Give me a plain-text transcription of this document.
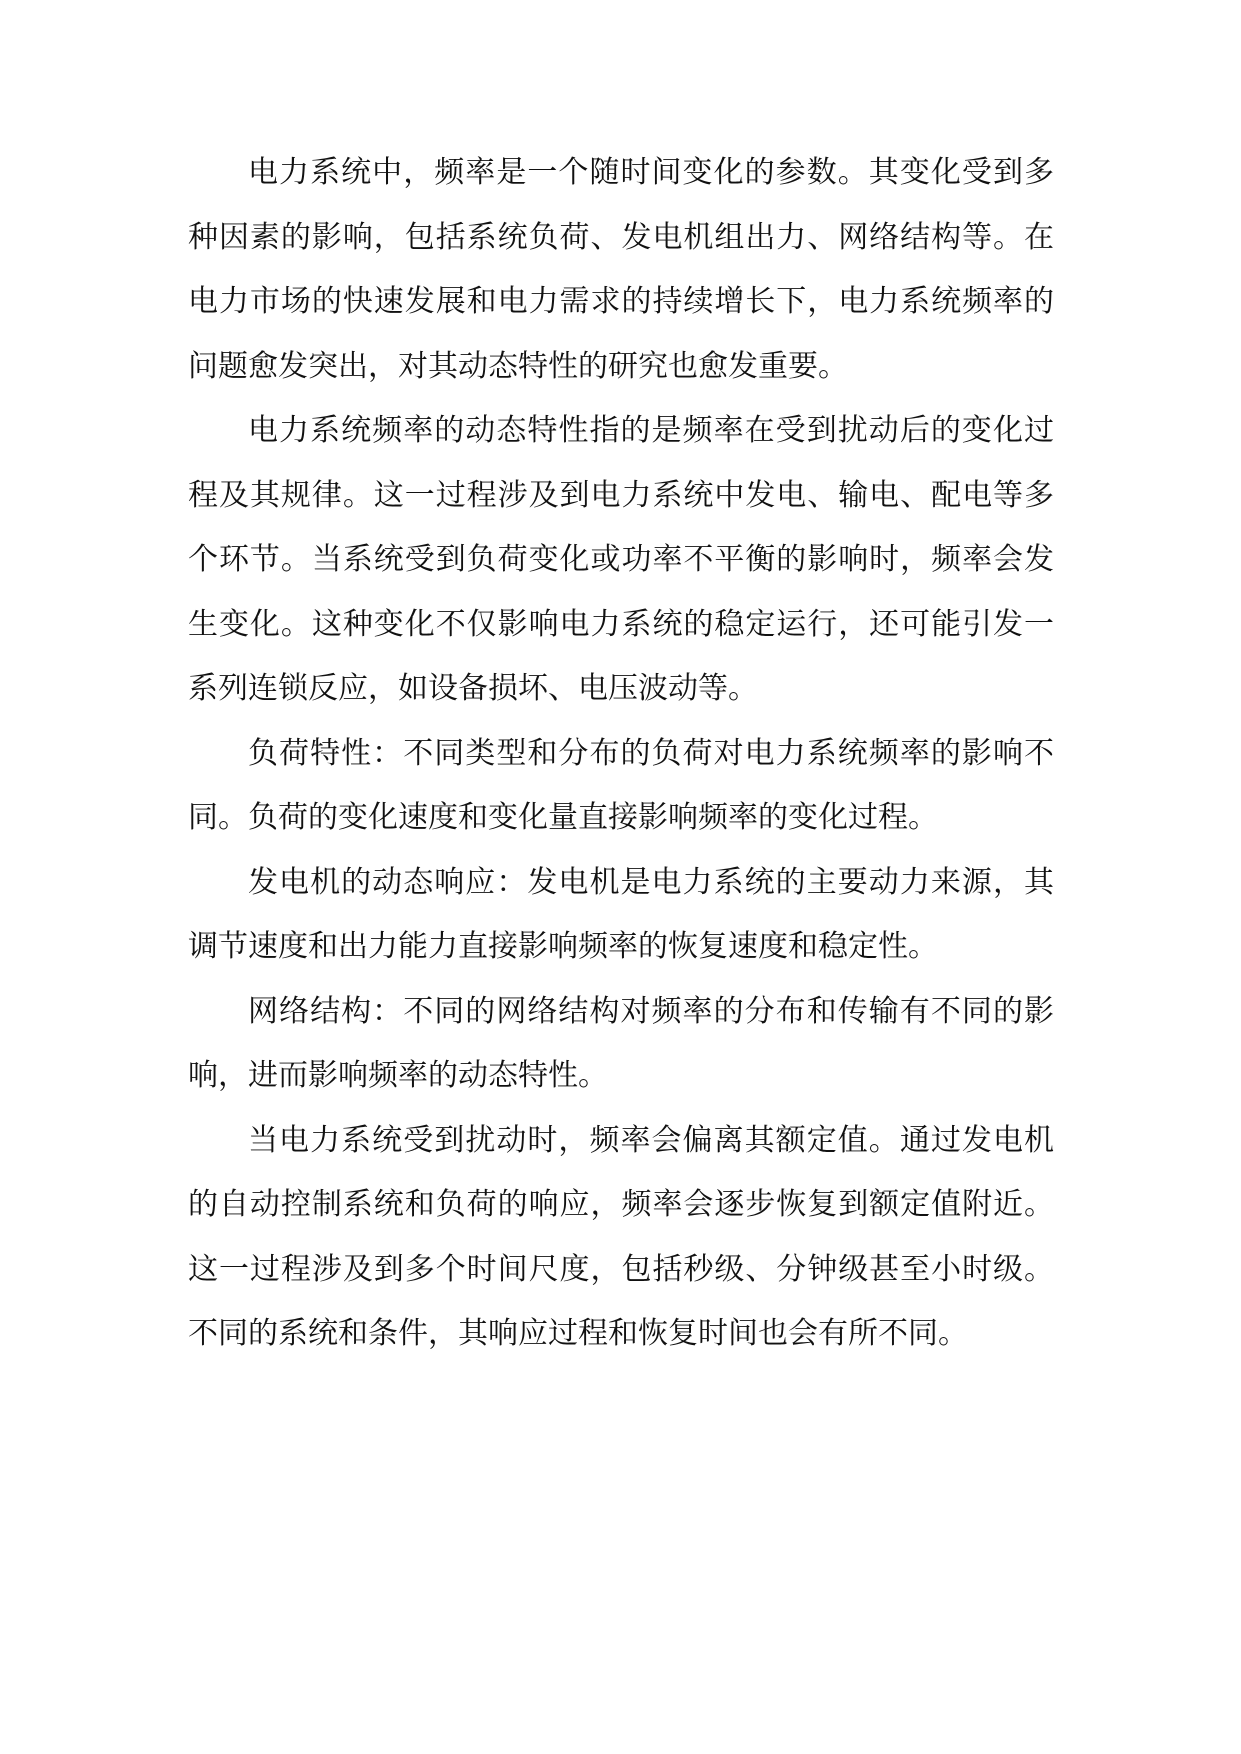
电力系统中，频率是一个随时间变化的参数。其变化受到多种因素的影响，包括系统负荷、发电机组出力、网络结构等。在电力市场的快速发展和电力需求的持续增长下，电力系统频率的问题愈发突出，对其动态特性的研究也愈发重要。

电力系统频率的动态特性指的是频率在受到扰动后的变化过程及其规律。这一过程涉及到电力系统中发电、输电、配电等多个环节。当系统受到负荷变化或功率不平衡的影响时，频率会发生变化。这种变化不仅影响电力系统的稳定运行，还可能引发一系列连锁反应，如设备损坏、电压波动等。

负荷特性：不同类型和分布的负荷对电力系统频率的影响不同。负荷的变化速度和变化量直接影响频率的变化过程。

发电机的动态响应：发电机是电力系统的主要动力来源，其调节速度和出力能力直接影响频率的恢复速度和稳定性。

网络结构：不同的网络结构对频率的分布和传输有不同的影响，进而影响频率的动态特性。

当电力系统受到扰动时，频率会偏离其额定值。通过发电机的自动控制系统和负荷的响应，频率会逐步恢复到额定值附近。这一过程涉及到多个时间尺度，包括秒级、分钟级甚至小时级。不同的系统和条件，其响应过程和恢复时间也会有所不同。
